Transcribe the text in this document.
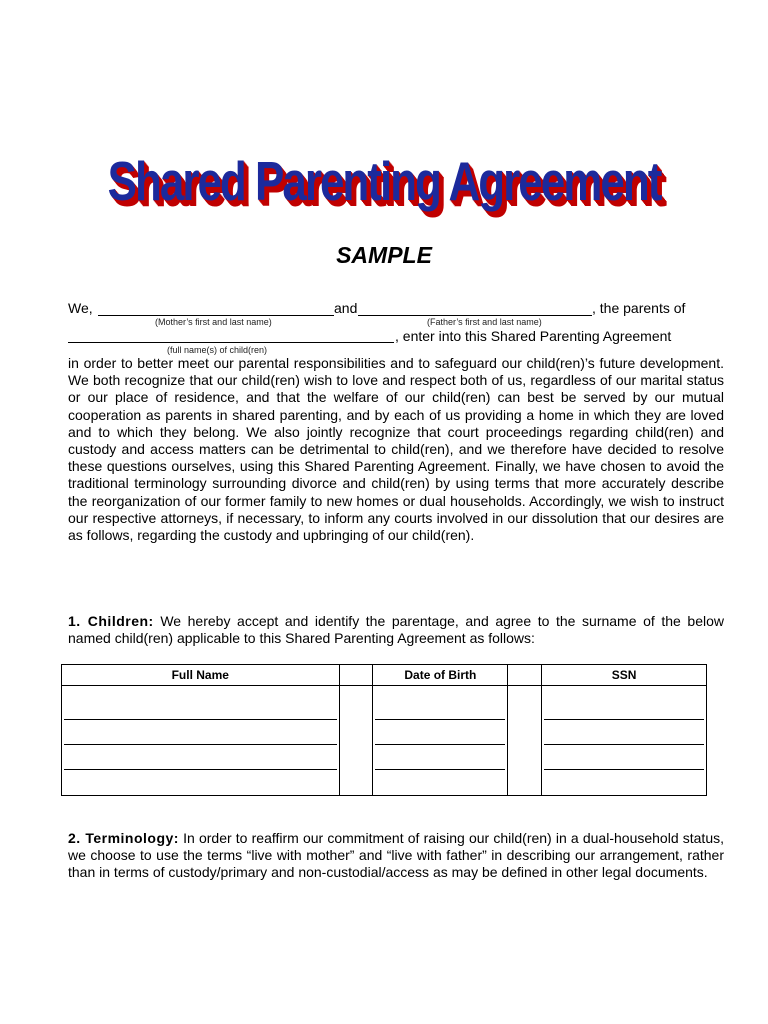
Shared Parenting Agreement
SAMPLE
We,	and	, the parents of
(Mother’s first and last name)	(Father’s first and last name)
, enter into this Shared Parenting Agreement
(full name(s) of child(ren)
in order to better meet our parental responsibilities and to safeguard our child(ren)’s future development. We both recognize that our child(ren) wish to love and respect both of us, regardless of our marital status or our place of residence, and that the welfare of our child(ren) can best be served by our mutual cooperation as parents in shared parenting, and by each of us providing a home in which they are loved and to which they belong. We also jointly recognize that court proceedings regarding child(ren) and custody and access matters can be detrimental to child(ren), and we therefore have decided to resolve these questions ourselves, using this Shared Parenting Agreement. Finally, we have chosen to avoid the traditional terminology surrounding divorce and child(ren) by using terms that more accurately describe the reorganization of our former family to new homes or dual households. Accordingly, we wish to instruct our respective attorneys, if necessary, to inform any courts involved in our dissolution that our desires are as follows, regarding the custody and upbringing of our child(ren).
1. Children: We hereby accept and identify the parentage, and agree to the surname of the below named child(ren) applicable to this Shared Parenting Agreement as follows:
Full Name		Date of Birth		SSN

2. Terminology: In order to reaffirm our commitment of raising our child(ren) in a dual-household status, we choose to use the terms “live with mother” and “live with father” in describing our arrangement, rather than in terms of custody/primary and non-custodial/access as may be defined in other legal documents.
